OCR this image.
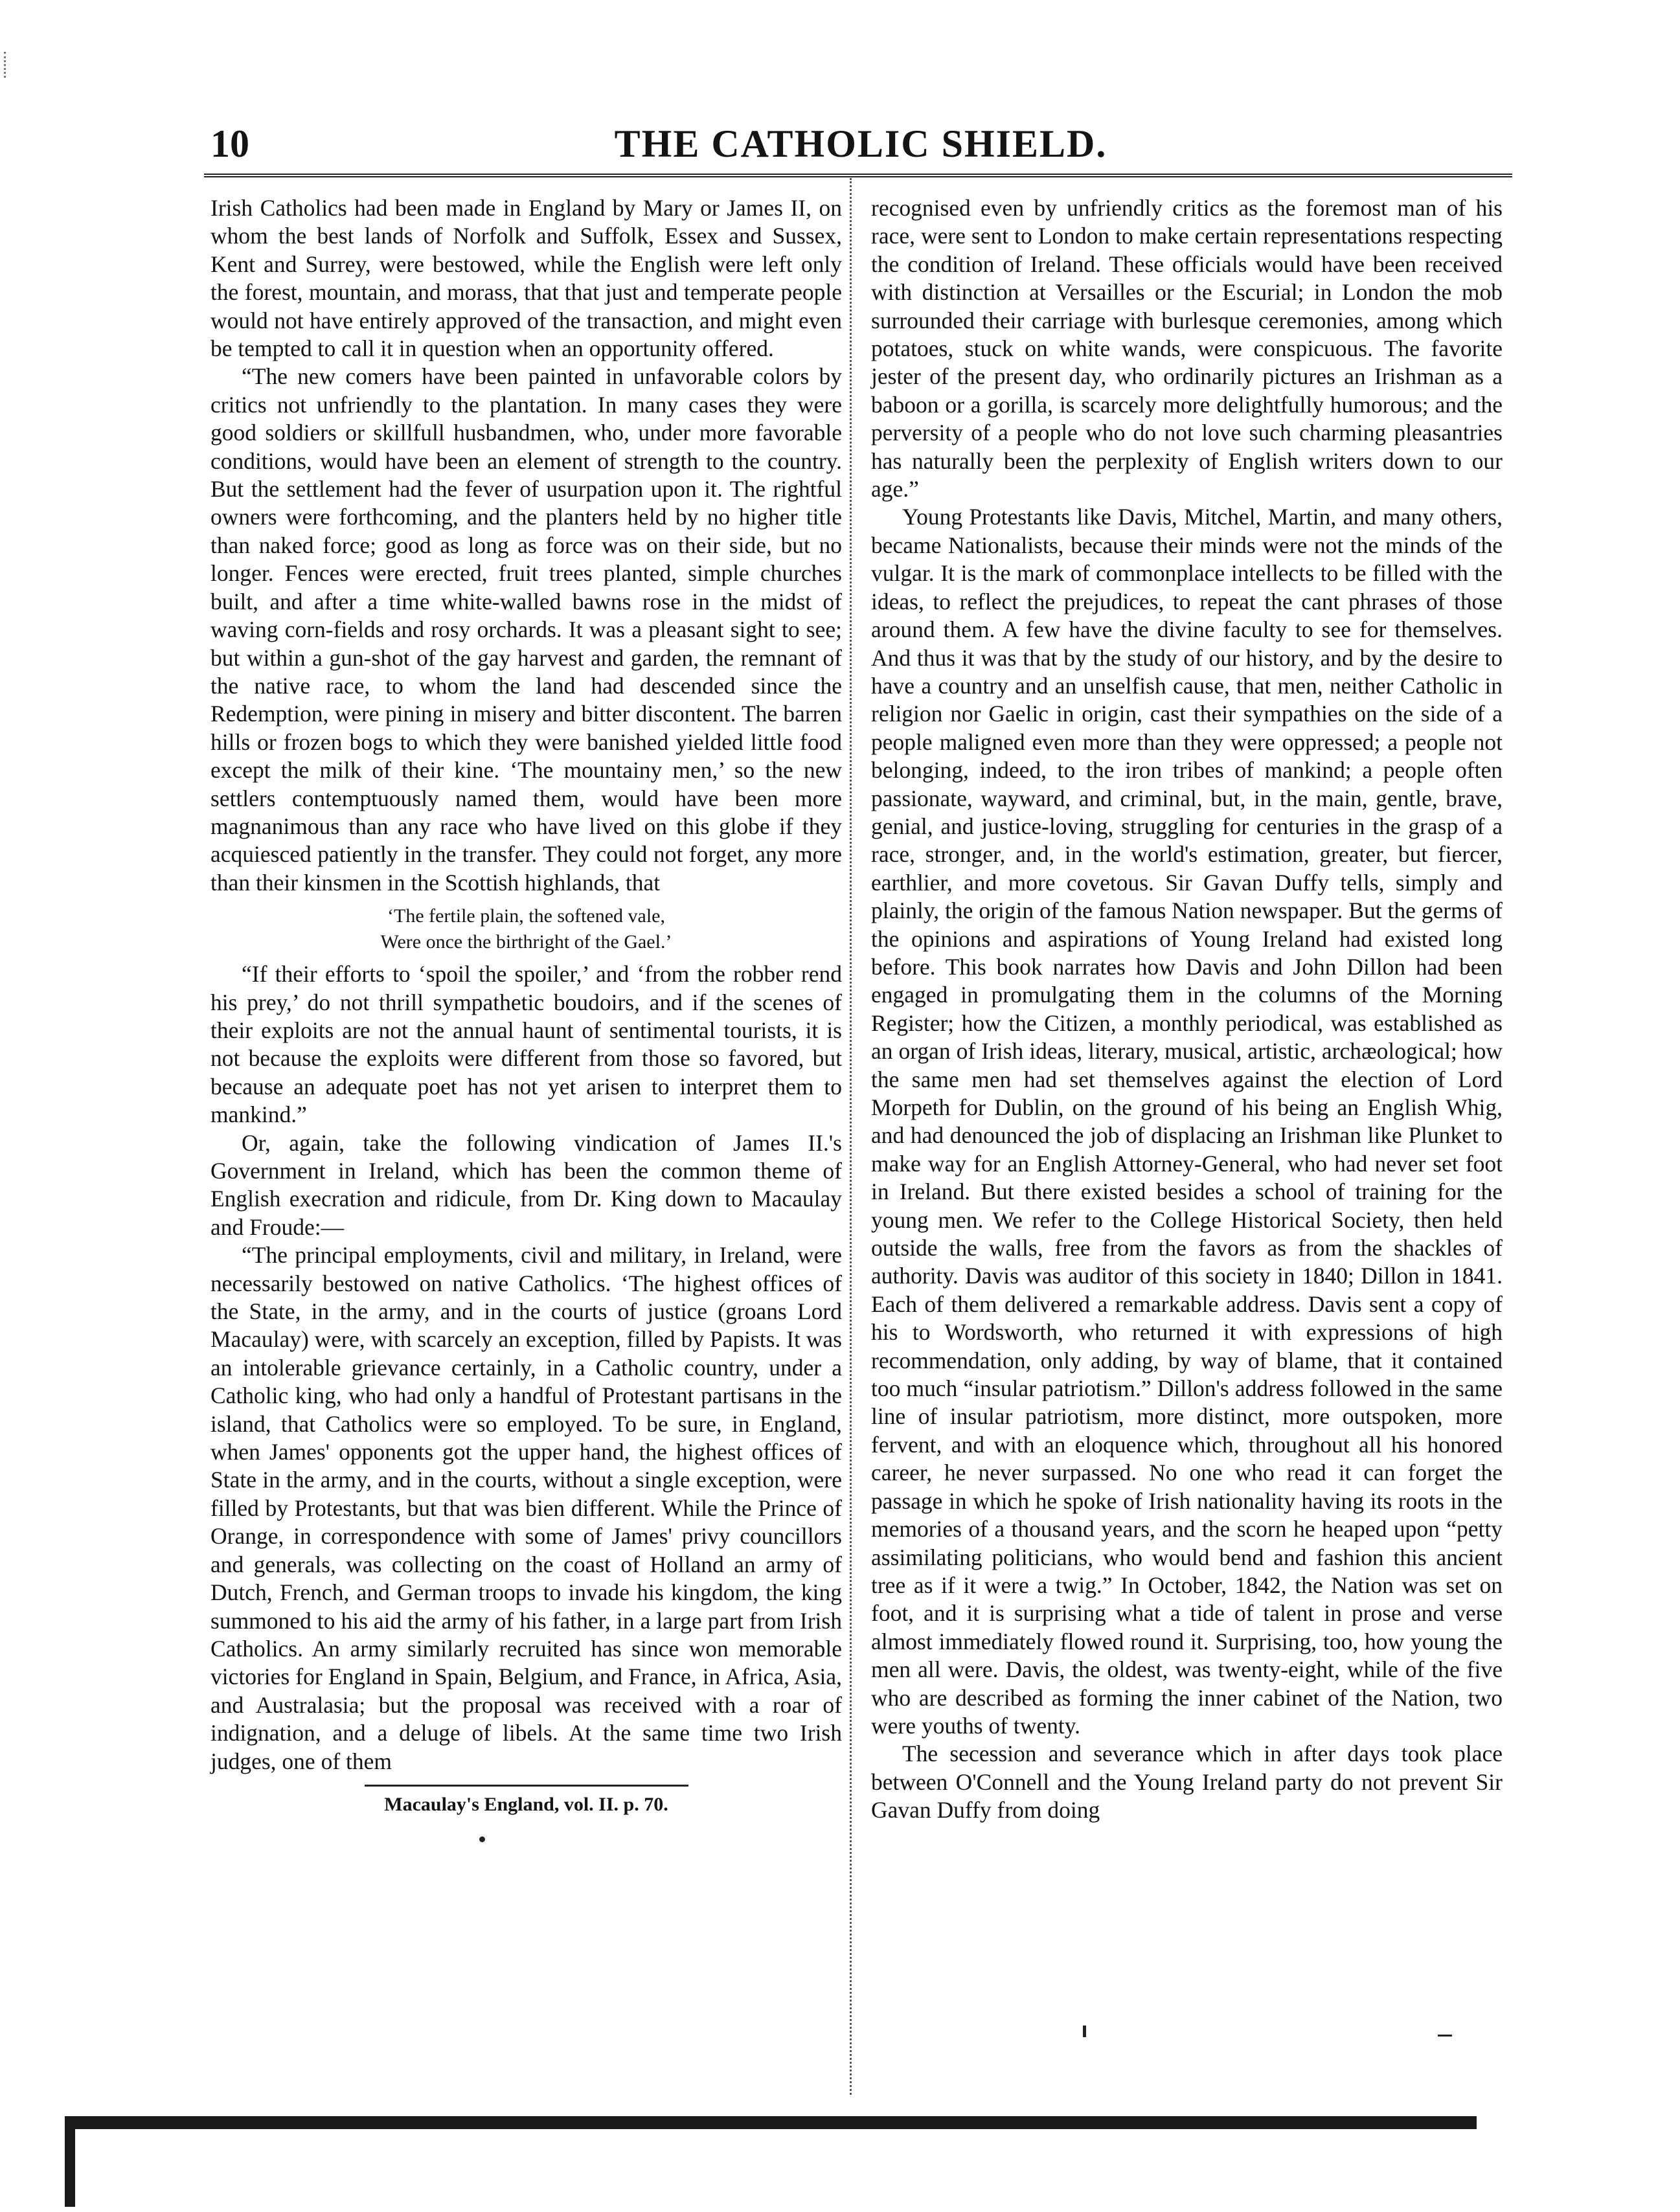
10	THE CATHOLIC SHIELD.

Irish Catholics had been made in England by Mary or James II, on whom the best lands of Norfolk and Suffolk, Essex and Sussex, Kent and Surrey, were bestowed, while the English were left only the forest, mountain, and morass, that that just and temperate people would not have entirely approved of the transaction, and might even be tempted to call it in question when an opportunity offered.

“The new comers have been painted in unfavorable colors by critics not unfriendly to the plantation. In many cases they were good soldiers or skillfull husbandmen, who, under more favorable conditions, would have been an element of strength to the country. But the settlement had the fever of usurpation upon it. The rightful owners were forthcoming, and the planters held by no higher title than naked force; good as long as force was on their side, but no longer. Fences were erected, fruit trees planted, simple churches built, and after a time white-walled bawns rose in the midst of waving corn-fields and rosy orchards. It was a pleasant sight to see; but within a gun-shot of the gay harvest and garden, the remnant of the native race, to whom the land had descended since the Redemption, were pining in misery and bitter discontent. The barren hills or frozen bogs to which they were banished yielded little food except the milk of their kine. ‘The mountainy men,’ so the new settlers contemptuously named them, would have been more magnanimous than any race who have lived on this globe if they acquiesced patiently in the transfer. They could not forget, any more than their kinsmen in the Scottish highlands, that

‘The fertile plain, the softened vale,
Were once the birthright of the Gael.’

“If their efforts to ‘spoil the spoiler,’ and ‘from the robber rend his prey,’ do not thrill sympathetic boudoirs, and if the scenes of their exploits are not the annual haunt of sentimental tourists, it is not because the exploits were different from those so favored, but because an adequate poet has not yet arisen to interpret them to mankind.”

Or, again, take the following vindication of James II.'s Government in Ireland, which has been the common theme of English execration and ridicule, from Dr. King down to Macaulay and Froude:—

“The principal employments, civil and military, in Ireland, were necessarily bestowed on native Catholics. ‘The highest offices of the State, in the army, and in the courts of justice (groans Lord Macaulay) were, with scarcely an exception, filled by Papists. It was an intolerable grievance certainly, in a Catholic country, under a Catholic king, who had only a handful of Protestant partisans in the island, that Catholics were so employed. To be sure, in England, when James' opponents got the upper hand, the highest offices of State in the army, and in the courts, without a single exception, were filled by Protestants, but that was bien different. While the Prince of Orange, in correspondence with some of James' privy councillors and generals, was collecting on the coast of Holland an army of Dutch, French, and German troops to invade his kingdom, the king summoned to his aid the army of his father, in a large part from Irish Catholics. An army similarly recruited has since won memorable victories for England in Spain, Belgium, and France, in Africa, Asia, and Australasia; but the proposal was received with a roar of indignation, and a deluge of libels. At the same time two Irish judges, one of them

Macaulay's England, vol. II. p. 70.

recognised even by unfriendly critics as the foremost man of his race, were sent to London to make certain representations respecting the condition of Ireland. These officials would have been received with distinction at Versailles or the Escurial; in London the mob surrounded their carriage with burlesque ceremonies, among which potatoes, stuck on white wands, were conspicuous. The favorite jester of the present day, who ordinarily pictures an Irishman as a baboon or a gorilla, is scarcely more delightfully humorous; and the perversity of a people who do not love such charming pleasantries has naturally been the perplexity of English writers down to our age.”

Young Protestants like Davis, Mitchel, Martin, and many others, became Nationalists, because their minds were not the minds of the vulgar. It is the mark of commonplace intellects to be filled with the ideas, to reflect the prejudices, to repeat the cant phrases of those around them. A few have the divine faculty to see for themselves. And thus it was that by the study of our history, and by the desire to have a country and an unselfish cause, that men, neither Catholic in religion nor Gaelic in origin, cast their sympathies on the side of a people maligned even more than they were oppressed; a people not belonging, indeed, to the iron tribes of mankind; a people often passionate, wayward, and criminal, but, in the main, gentle, brave, genial, and justice-loving, struggling for centuries in the grasp of a race, stronger, and, in the world's estimation, greater, but fiercer, earthlier, and more covetous. Sir Gavan Duffy tells, simply and plainly, the origin of the famous Nation newspaper. But the germs of the opinions and aspirations of Young Ireland had existed long before. This book narrates how Davis and John Dillon had been engaged in promulgating them in the columns of the Morning Register; how the Citizen, a monthly periodical, was established as an organ of Irish ideas, literary, musical, artistic, archæological; how the same men had set themselves against the election of Lord Morpeth for Dublin, on the ground of his being an English Whig, and had denounced the job of displacing an Irishman like Plunket to make way for an English Attorney-General, who had never set foot in Ireland. But there existed besides a school of training for the young men. We refer to the College Historical Society, then held outside the walls, free from the favors as from the shackles of authority. Davis was auditor of this society in 1840; Dillon in 1841. Each of them delivered a remarkable address. Davis sent a copy of his to Wordsworth, who returned it with expressions of high recommendation, only adding, by way of blame, that it contained too much “insular patriotism.” Dillon's address followed in the same line of insular patriotism, more distinct, more outspoken, more fervent, and with an eloquence which, throughout all his honored career, he never surpassed. No one who read it can forget the passage in which he spoke of Irish nationality having its roots in the memories of a thousand years, and the scorn he heaped upon “petty assimilating politicians, who would bend and fashion this ancient tree as if it were a twig.” In October, 1842, the Nation was set on foot, and it is surprising what a tide of talent in prose and verse almost immediately flowed round it. Surprising, too, how young the men all were. Davis, the oldest, was twenty-eight, while of the five who are described as forming the inner cabinet of the Nation, two were youths of twenty.

The secession and severance which in after days took place between O'Connell and the Young Ireland party do not prevent Sir Gavan Duffy from doing
